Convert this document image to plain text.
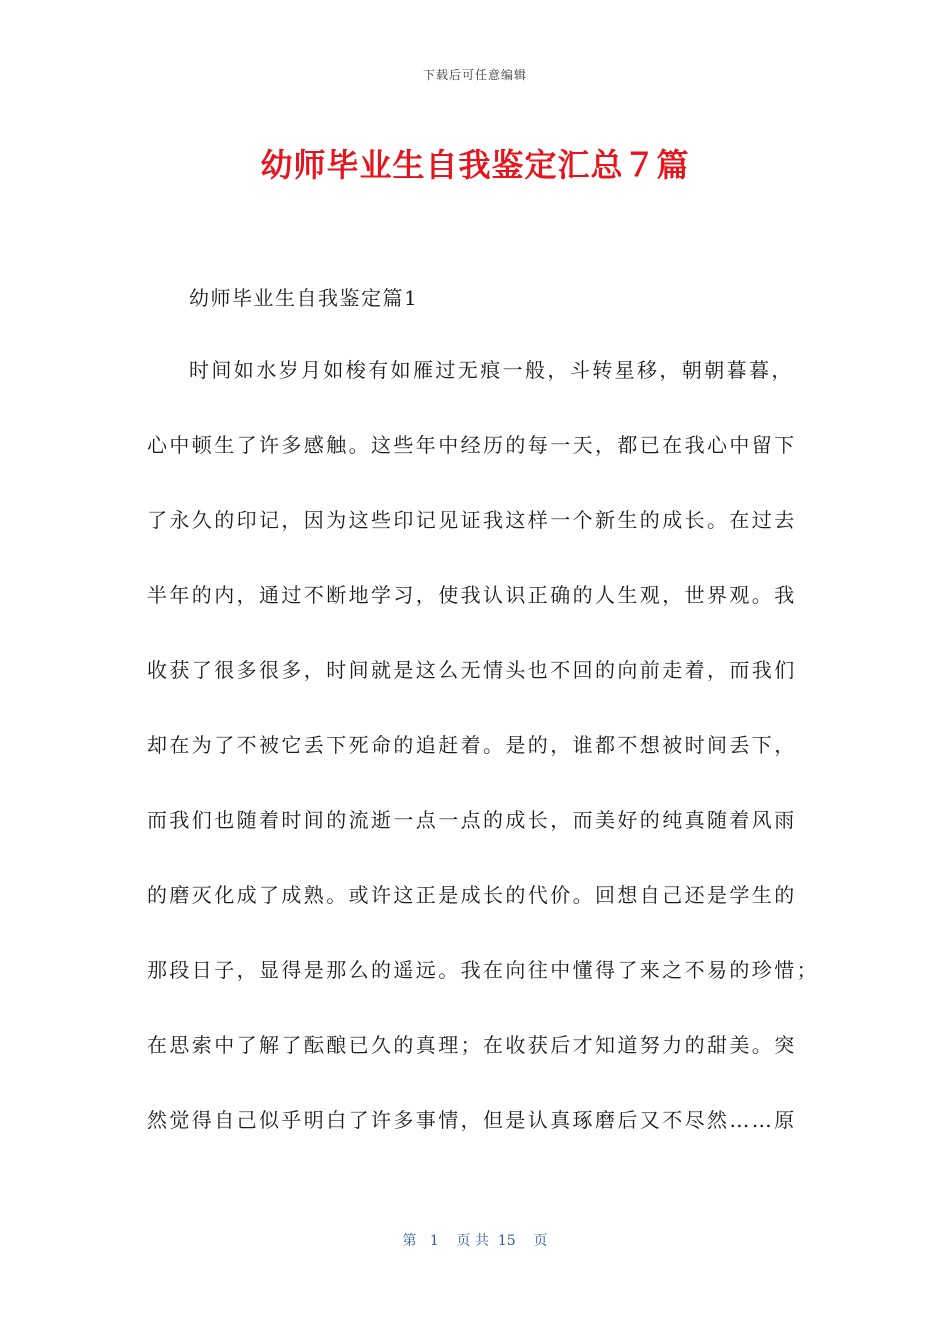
下载后可任意编辑
幼师毕业生自我鉴定汇总７篇
幼师毕业生自我鉴定篇1
时间如水岁月如梭有如雁过无痕一般，斗转星移，朝朝暮暮，
心中顿生了许多感触。这些年中经历的每一天，都已在我心中留下
了永久的印记，因为这些印记见证我这样一个新生的成长。在过去
半年的内，通过不断地学习，使我认识正确的人生观，世界观。我
收获了很多很多，时间就是这么无情头也不回的向前走着，而我们
却在为了不被它丢下死命的追赶着。是的，谁都不想被时间丢下，
而我们也随着时间的流逝一点一点的成长，而美好的纯真随着风雨
的磨灭化成了成熟。或许这正是成长的代价。回想自己还是学生的
那段日子，显得是那么的遥远。我在向往中懂得了来之不易的珍惜；
在思索中了解了酝酿已久的真理；在收获后才知道努力的甜美。突
然觉得自己似乎明白了许多事情，但是认真琢磨后又不尽然……原
第   1    页 共  15    页
